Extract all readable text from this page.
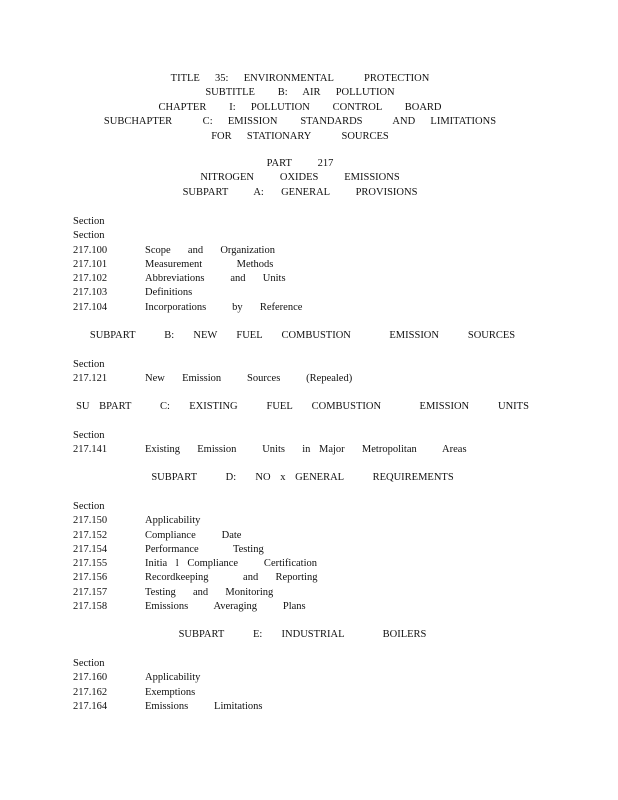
TITLE  35:  ENVIRONMENTAL    PROTECTION
SUBTITLE   B:  AIR  POLLUTION
CHAPTER   I:  POLLUTION   CONTROL   BOARD
SUBCHAPTER    C:  EMISSION   STANDARDS    AND  LIMITATIONS
FOR  STATIONARY    SOURCES
PART   217
NITROGEN   OXIDES   EMISSIONS
SUBPART   A:  GENERAL   PROVISIONS
Section
Section
217.100	Scope  and  Organization
217.101	Measurement    Methods
217.102	Abbreviations   and  Units
217.103	Definitions
217.104	Incorporations   by  Reference
SUBPART   B:  NEW  FUEL  COMBUSTION    EMISSION   SOURCES
Section
217.121	New  Emission   Sources   (Repealed)
SU BPART   C:  EXISTING   FUEL  COMBUSTION    EMISSION   UNITS
Section
217.141	Existing  Emission   Units  in Major  Metropolitan   Areas
SUBPART   D:  NO x GENERAL   REQUIREMENTS
Section
217.150	Applicability
217.152	Compliance   Date
217.154	Performance    Testing
217.155	Initia l Compliance   Certification
217.156	Recordkeeping    and  Reporting
217.157	Testing  and  Monitoring
217.158	Emissions   Averaging   Plans
SUBPART   E:  INDUSTRIAL    BOILERS
Section
217.160	Applicability
217.162	Exemptions
217.164	Emissions   Limitations
